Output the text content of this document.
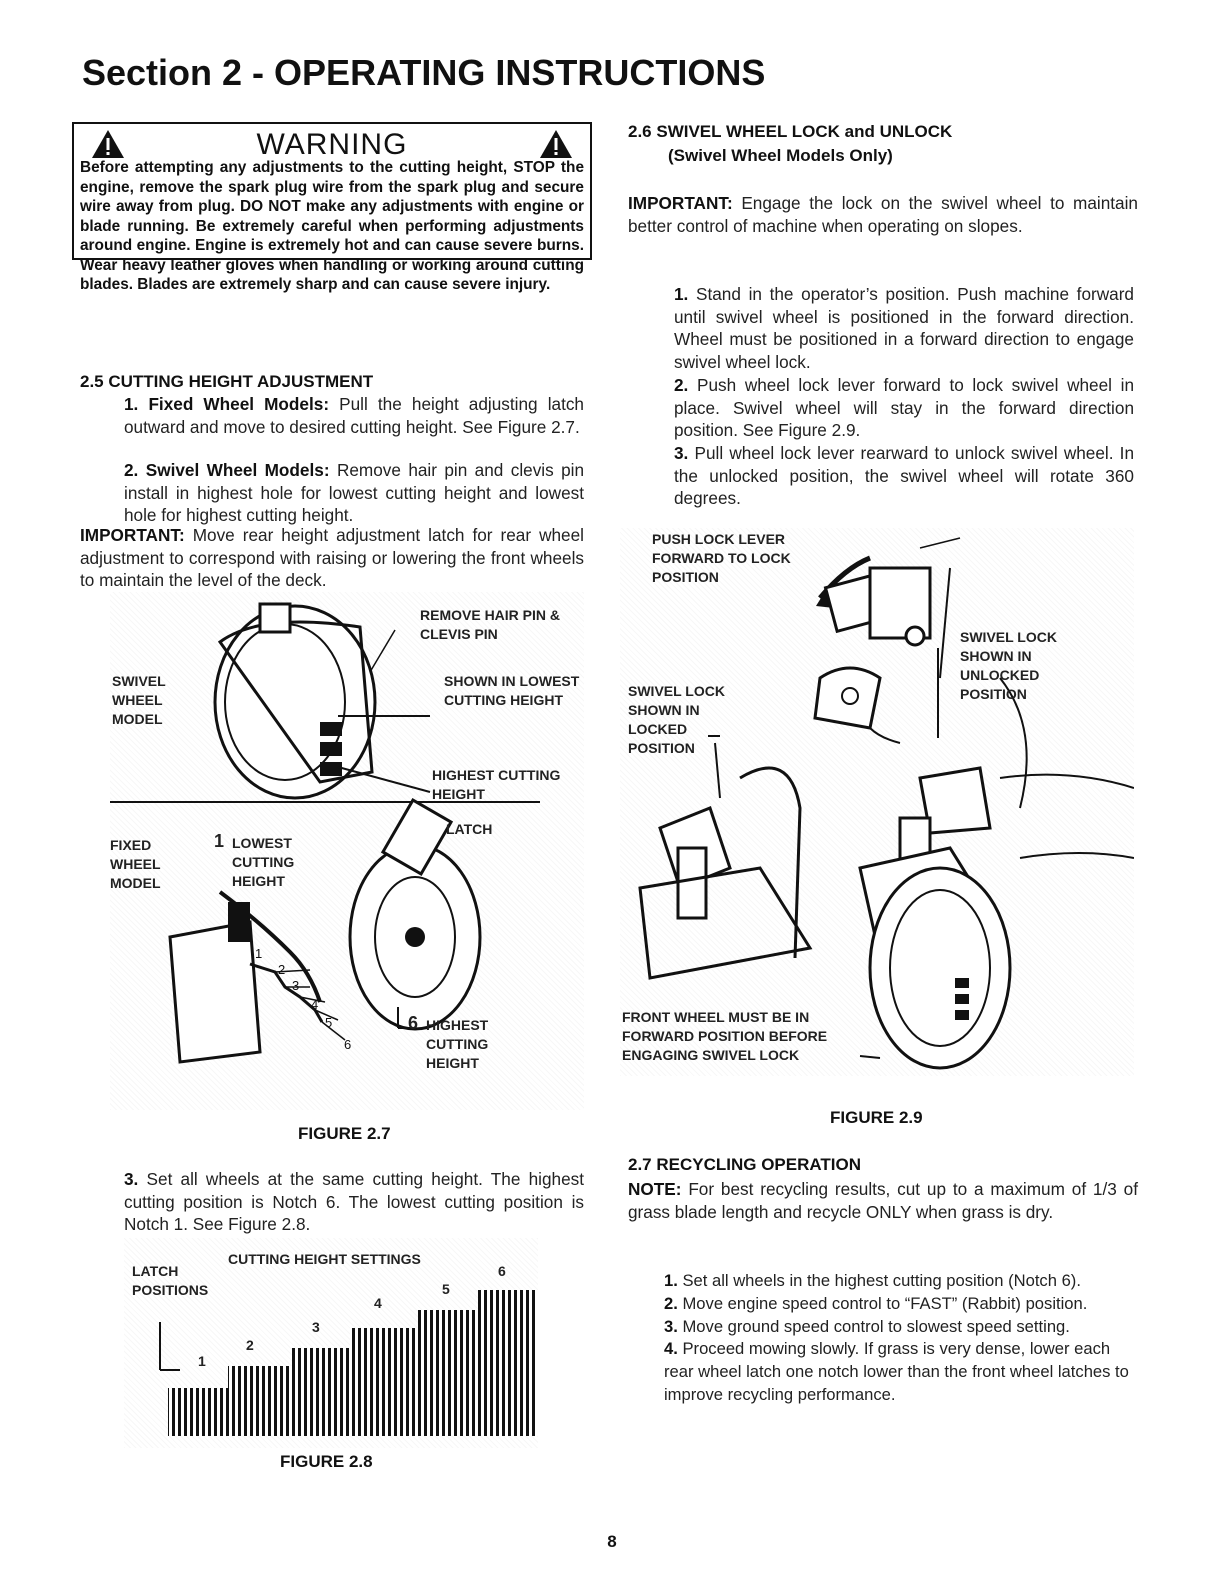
Section 2 - OPERATING INSTRUCTIONS
WARNING
Before attempting any adjustments to the cutting height, STOP the engine, remove the spark plug wire from the spark plug and secure wire away from plug. DO NOT make any adjustments with engine or blade running. Be extremely careful when performing adjustments around engine. Engine is extremely hot and can cause severe burns. Wear heavy leather gloves when handling or working around cutting blades. Blades are extremely sharp and can cause severe injury.
2.5 CUTTING HEIGHT ADJUSTMENT
1. Fixed Wheel Models: Pull the height adjusting latch outward and move to desired cutting height. See Figure 2.7.
2. Swivel Wheel Models: Remove hair pin and clevis pin install in highest hole for lowest cutting height and lowest hole for highest cutting height.
IMPORTANT: Move rear height adjustment latch for rear wheel adjustment to correspond with raising or lowering the front wheels to maintain the level of the deck.
SWIVEL WHEEL MODEL
REMOVE HAIR PIN & CLEVIS PIN
SHOWN IN LOWEST CUTTING HEIGHT
HIGHEST CUTTING HEIGHT
FIXED WHEEL MODEL
1 LOWEST CUTTING HEIGHT
LATCH
6 HIGHEST CUTTING HEIGHT
1
2
3
4
5
6
FIGURE 2.7
3. Set all wheels at the same cutting height. The highest cutting position is Notch 6. The lowest cutting position is Notch 1. See Figure 2.8.
CUTTING HEIGHT SETTINGS
LATCH POSITIONS
1
2
3
4
5
6
FIGURE 2.8
2.6 SWIVEL WHEEL LOCK and UNLOCK
(Swivel Wheel Models Only)
IMPORTANT: Engage the lock on the swivel wheel to maintain better control of machine when operating on slopes.
1. Stand in the operator’s position. Push machine forward until swivel wheel is positioned in the forward direction. Wheel must be positioned in a forward direction to engage swivel wheel lock.
2. Push wheel lock lever forward to lock swivel wheel in place. Swivel wheel will stay in the forward direction position. See Figure 2.9.
3. Pull wheel lock lever rearward to unlock swivel wheel. In the unlocked position, the swivel wheel will rotate 360 degrees.
PUSH LOCK LEVER FORWARD TO LOCK POSITION
SWIVEL LOCK SHOWN IN UNLOCKED POSITION
SWIVEL LOCK SHOWN IN LOCKED POSITION
FRONT WHEEL MUST BE IN FORWARD POSITION BEFORE ENGAGING SWIVEL LOCK
FIGURE 2.9
2.7 RECYCLING OPERATION
NOTE: For best recycling results, cut up to a maximum of 1/3 of grass blade length and recycle ONLY when grass is dry.
1. Set all wheels in the highest cutting position (Notch 6).
2. Move engine speed control to “FAST” (Rabbit) position.
3. Move ground speed control to slowest speed setting.
4. Proceed mowing slowly. If grass is very dense, lower each rear wheel latch one notch lower than the front wheel latches to improve recycling performance.
8
